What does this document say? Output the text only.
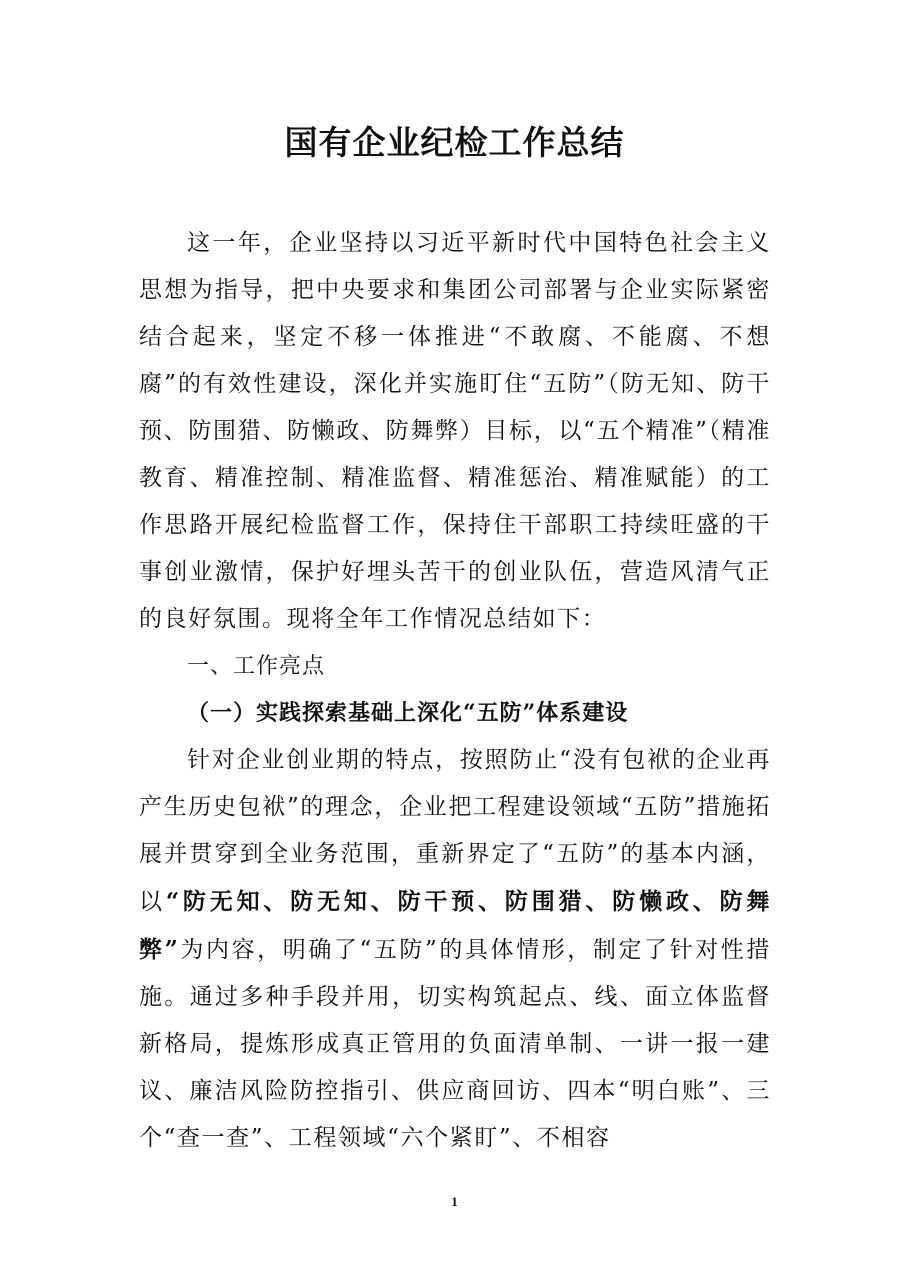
国有企业纪检工作总结

这一年，企业坚持以习近平新时代中国特色社会主义思想为指导，把中央要求和集团公司部署与企业实际紧密结合起来，坚定不移一体推进“不敢腐、不能腐、不想腐”的有效性建设，深化并实施盯住“五防”（防无知、防干预、防围猎、防懒政、防舞弊）目标，以“五个精准”（精准教育、精准控制、精准监督、精准惩治、精准赋能）的工作思路开展纪检监督工作，保持住干部职工持续旺盛的干事创业激情，保护好埋头苦干的创业队伍，营造风清气正的良好氛围。现将全年工作情况总结如下：

一、工作亮点

（一）实践探索基础上深化“五防”体系建设

针对企业创业期的特点，按照防止“没有包袱的企业再产生历史包袱”的理念，企业把工程建设领域“五防”措施拓展并贯穿到全业务范围，重新界定了“五防”的基本内涵，以“防无知、防无知、防干预、防围猎、防懒政、防舞弊”为内容，明确了“五防”的具体情形，制定了针对性措施。通过多种手段并用，切实构筑起点、线、面立体监督新格局，提炼形成真正管用的负面清单制、一讲一报一建议、廉洁风险防控指引、供应商回访、四本“明白账”、三个“查一查”、工程领域“六个紧盯”、不相容

1
